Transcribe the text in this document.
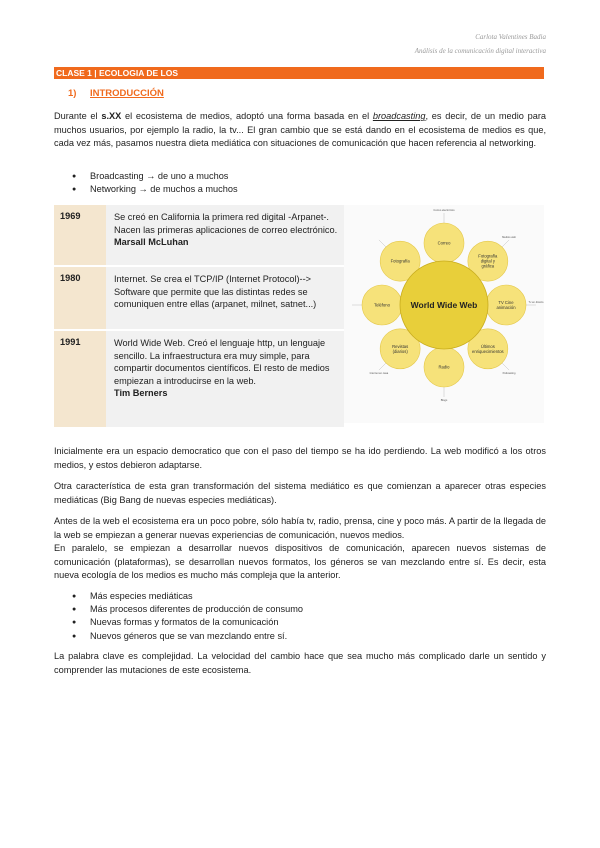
Carlota Valentines Badia
Análisis de la comunicación digital interactiva
CLASE 1 | ECOLOGIA DE LOS MEDIOS
1) INTRODUCCIÓN
Durante el s.XX el ecosistema de medios, adoptó una forma basada en el broadcasting, es decir, de un medio para muchos usuarios, por ejemplo la radio, la tv... El gran cambio que se está dando en el ecosistema de medios es que, cada vez más, pasamos nuestra dieta mediática con situaciones de comunicación que hacen referencia al networking.
● Broadcasting → de uno a muchos
● Networking → de muchos a muchos
1969	Se creó en California la primera red digital -Arpanet-. Nacen las primeras aplicaciones de correo electrónico.
Marsall McLuhan
1980	Internet. Se crea el TCP/IP (Internet Protocol)--> Software que permite que las distintas redes se comuniquen entre ellas (arpanet, milnet, satnet...)
1991	World Wide Web. Creó el lenguaje http, un lenguaje sencillo. La infraestructura era muy simple, para compartir documentos científicos. El resto de medios empiezan a introducirse en la web.
Tim Berners
Correo electrónico
Medios web
Tv en directo
Podcasting
Blogs
Internet en casa
Correo
Fotografía
digital y
gráfica
TV Cine
animación
Últimos
enriquecimientos
Radio
Revistas
(diarios)
Teléfono
Fotografía
World Wide Web
Inicialmente era un espacio democratico que con el paso del tiempo se ha ido perdiendo. La web modificó a los otros medios, y estos debieron adaptarse.
Otra característica de esta gran transformación del sistema mediático es que comienzan a aparecer otras especies mediáticas (Big Bang de nuevas especies mediáticas).
Antes de la web el ecosistema era un poco pobre, sólo había tv, radio, prensa, cine y poco más. A partir de la llegada de la web se empiezan a generar nuevas experiencias de comunicación, nuevos medios.
En paralelo, se empiezan a desarrollar nuevos dispositivos de comunicación, aparecen nuevos sistemas de comunicación (plataformas), se desarrollan nuevos formatos, los géneros se van mezclando entre sí. Es decir, esta nueva ecología de los medios es mucho más compleja que la anterior.
● Más especies mediáticas
● Más procesos diferentes de producción de consumo
● Nuevas formas y formatos de la comunicación
● Nuevos géneros que se van mezclando entre sí.
La palabra clave es complejidad. La velocidad del cambio hace que sea mucho más complicado darle un sentido y comprender las mutaciones de este ecosistema.
